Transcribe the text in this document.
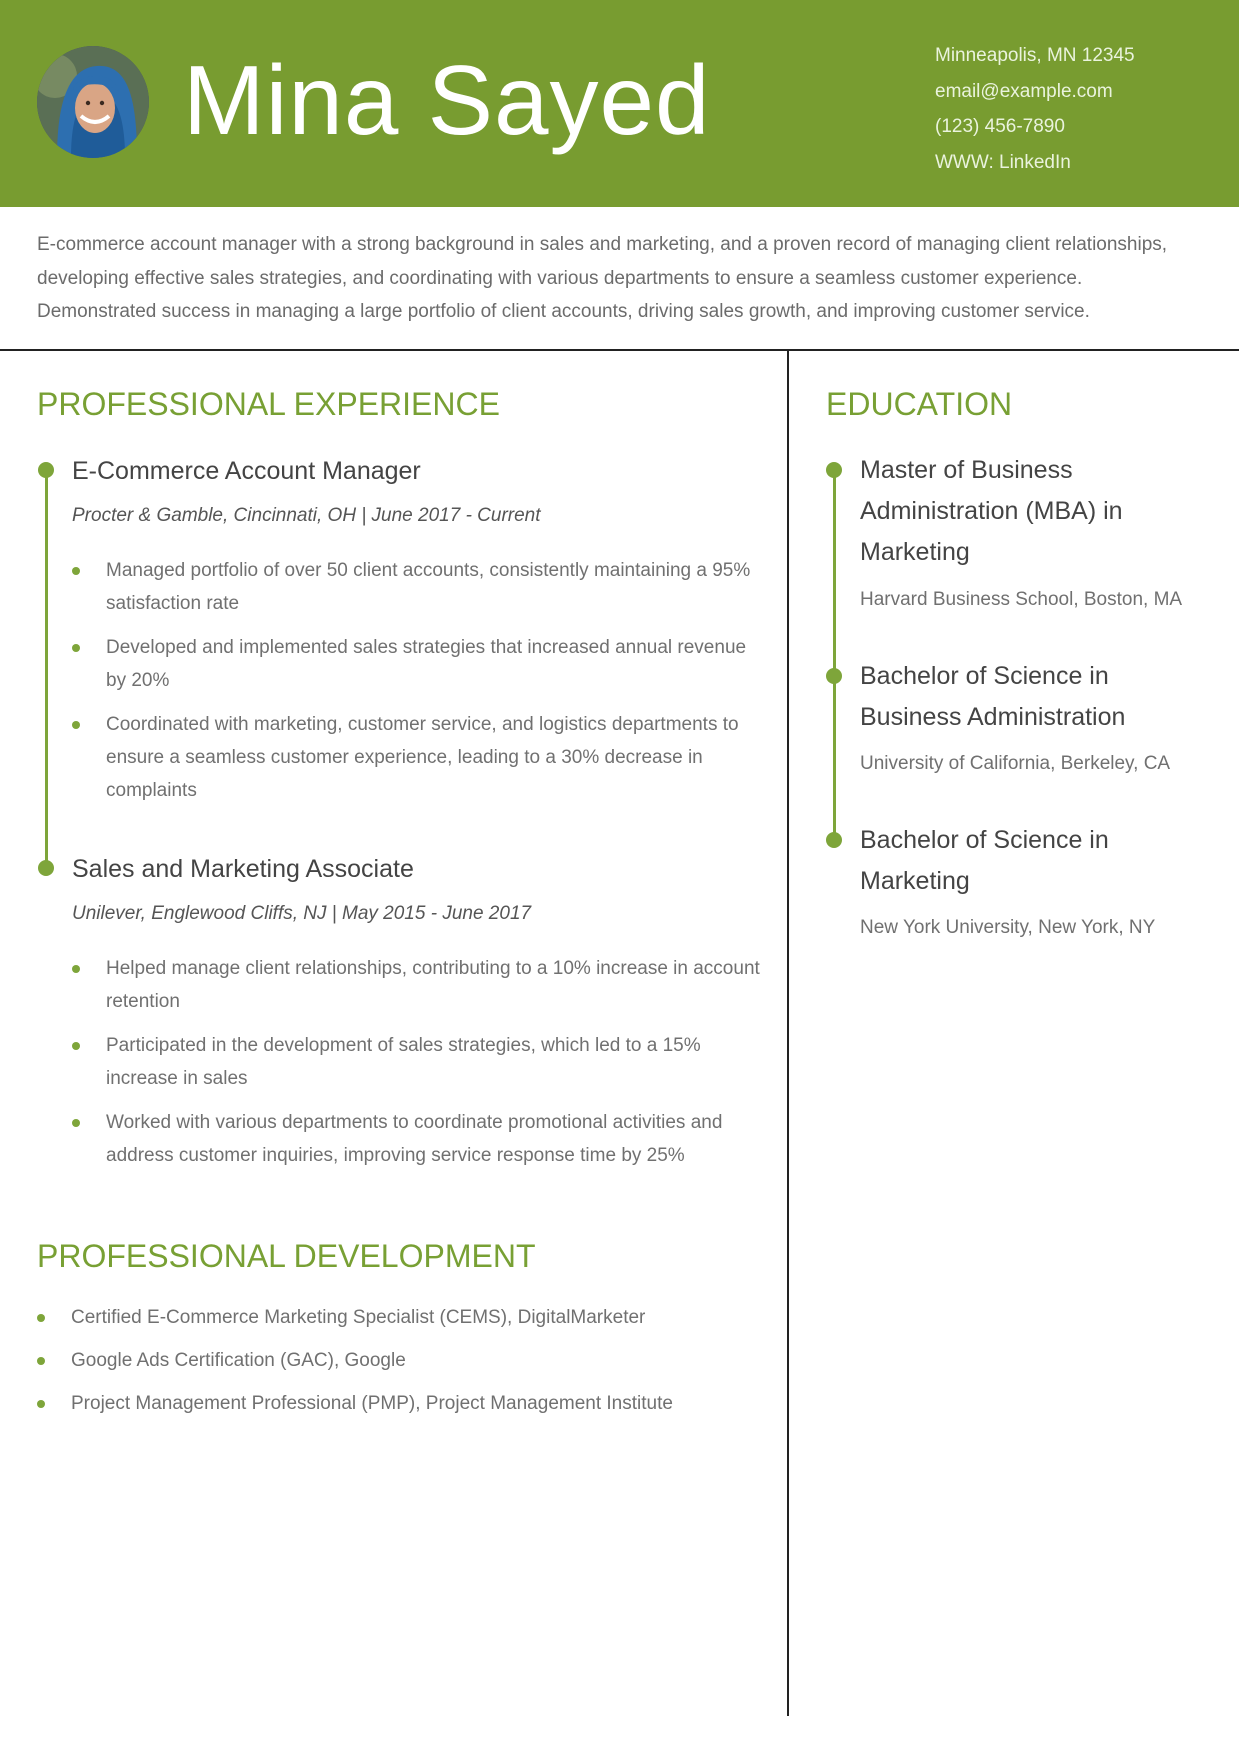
Mina Sayed	Minneapolis, MN 12345
email@example.com
(123) 456-7890
WWW: LinkedIn
E-commerce account manager with a strong background in sales and marketing, and a proven record of managing client relationships, developing effective sales strategies, and coordinating with various departments to ensure a seamless customer experience. Demonstrated success in managing a large portfolio of client accounts, driving sales growth, and improving customer service.
PROFESSIONAL EXPERIENCE
E-Commerce Account Manager
Procter & Gamble, Cincinnati, OH | June 2017 - Current
Managed portfolio of over 50 client accounts, consistently maintaining a 95% satisfaction rate
Developed and implemented sales strategies that increased annual revenue by 20%
Coordinated with marketing, customer service, and logistics departments to ensure a seamless customer experience, leading to a 30% decrease in complaints
Sales and Marketing Associate
Unilever, Englewood Cliffs, NJ | May 2015 - June 2017
Helped manage client relationships, contributing to a 10% increase in account retention
Participated in the development of sales strategies, which led to a 15% increase in sales
Worked with various departments to coordinate promotional activities and address customer inquiries, improving service response time by 25%
PROFESSIONAL DEVELOPMENT
Certified E-Commerce Marketing Specialist (CEMS), DigitalMarketer
Google Ads Certification (GAC), Google
Project Management Professional (PMP), Project Management Institute
EDUCATION
Master of Business Administration (MBA) in Marketing
Harvard Business School, Boston, MA
Bachelor of Science in Business Administration
University of California, Berkeley, CA
Bachelor of Science in Marketing
New York University, New York, NY
